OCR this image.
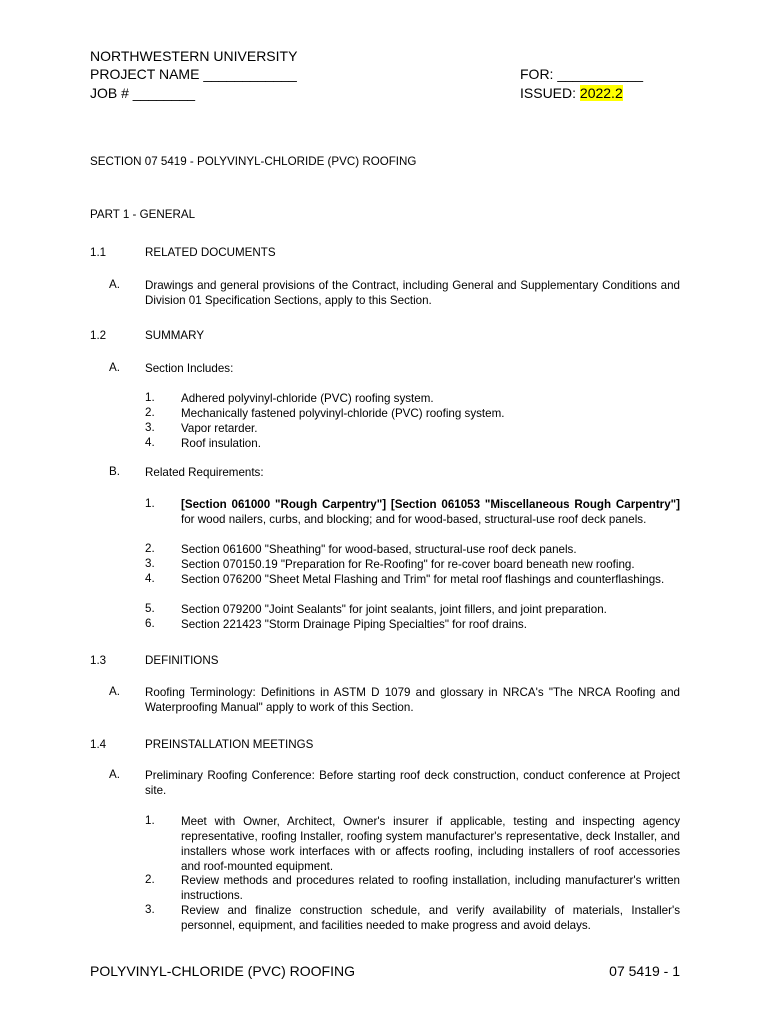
NORTHWESTERN UNIVERSITY
PROJECT NAME ____________
JOB # ________
FOR: ___________
ISSUED: 2022.2
SECTION 07 5419 - POLYVINYL-CHLORIDE (PVC) ROOFING
PART 1 - GENERAL
1.1	RELATED DOCUMENTS
A. Drawings and general provisions of the Contract, including General and Supplementary Conditions and Division 01 Specification Sections, apply to this Section.
1.2	SUMMARY
A. Section Includes:
1.	Adhered polyvinyl-chloride (PVC) roofing system.
2.	Mechanically fastened polyvinyl-chloride (PVC) roofing system.
3.	Vapor retarder.
4.	Roof insulation.
B. Related Requirements:
1.	[Section 061000 "Rough Carpentry"] [Section 061053 "Miscellaneous Rough Carpentry"] for wood nailers, curbs, and blocking; and for wood-based, structural-use roof deck panels.
2.	Section 061600 "Sheathing" for wood-based, structural-use roof deck panels.
3.	Section 070150.19 "Preparation for Re-Roofing" for re-cover board beneath new roofing.
4.	Section 076200 "Sheet Metal Flashing and Trim" for metal roof flashings and counterflashings.
5.	Section 079200 "Joint Sealants" for joint sealants, joint fillers, and joint preparation.
6.	Section 221423 "Storm Drainage Piping Specialties" for roof drains.
1.3	DEFINITIONS
A. Roofing Terminology: Definitions in ASTM D 1079 and glossary in NRCA's "The NRCA Roofing and Waterproofing Manual" apply to work of this Section.
1.4	PREINSTALLATION MEETINGS
A. Preliminary Roofing Conference: Before starting roof deck construction, conduct conference at Project site.
1.	Meet with Owner, Architect, Owner's insurer if applicable, testing and inspecting agency representative, roofing Installer, roofing system manufacturer's representative, deck Installer, and installers whose work interfaces with or affects roofing, including installers of roof accessories and roof-mounted equipment.
2.	Review methods and procedures related to roofing installation, including manufacturer's written instructions.
3.	Review and finalize construction schedule, and verify availability of materials, Installer's personnel, equipment, and facilities needed to make progress and avoid delays.
POLYVINYL-CHLORIDE (PVC) ROOFING	07 5419 - 1
